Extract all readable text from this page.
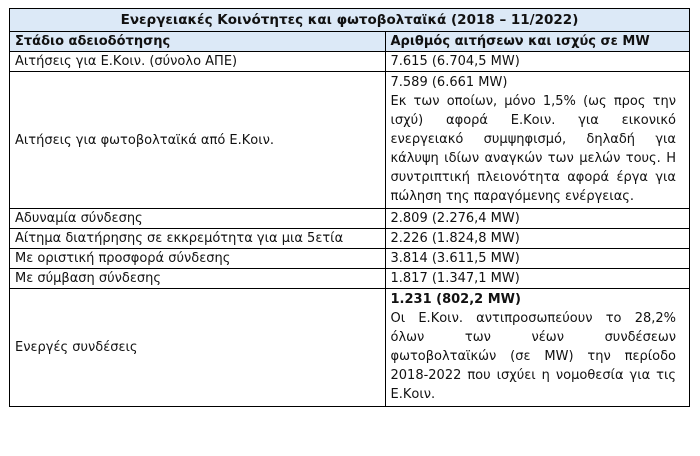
Ενεργειακές Κοινότητες και φωτοβολταϊκά (2018 – 11/2022)	
Στάδιο αδειοδότησης	Αριθμός αιτήσεων και ισχύς σε MW
Αιτήσεις για Ε.Κοιν. (σύνολο ΑΠΕ)	7.615 (6.704,5 MW)
Αιτήσεις για φωτοβολταϊκά από Ε.Κοιν.	7.589 (6.661 MW)
Εκ των οποίων, μόνο 1,5% (ως προς την ισχύ) αφορά Ε.Κοιν. για εικονικό ενεργειακό συμψηφισμό, δηλαδή για κάλυψη ιδίων αναγκών των μελών τους. Η συντριπτική πλειονότητα αφορά έργα για πώληση της παραγόμενης ενέργειας.

Αδυναμία σύνδεσης	2.809 (2.276,4 MW)
Αίτημα διατήρησης σε εκκρεμότητα για μια 5ετία	2.226 (1.824,8 MW)
Με οριστική προσφορά σύνδεσης	3.814 (3.611,5 MW)
Με σύμβαση σύνδεσης	1.817 (1.347,1 MW)
Ενεργές συνδέσεις	1.231 (802,2 MW)
Οι Ε.Κοιν. αντιπροσωπεύουν το 28,2% όλων των νέων συνδέσεων φωτοβολταϊκών (σε MW) την περίοδο 2018-2022 που ισχύει η νομοθεσία για τις Ε.Κοιν.
